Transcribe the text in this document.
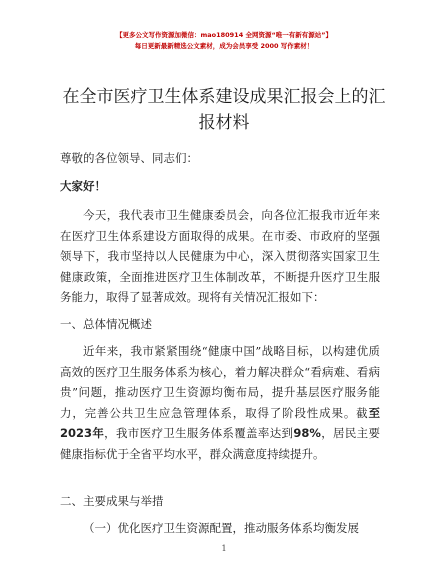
【更多公文写作资源加微信：mao180914 全网资源“唯一有新有源站”】
每日更新最新精选公文素材，成为会员享受 2000 写作素材！
在全市医疗卫生体系建设成果汇报会上的汇报材料
尊敬的各位领导、同志们：
大家好！
今天，我代表市卫生健康委员会，向各位汇报我市近年来在医疗卫生体系建设方面取得的成果。在市委、市政府的坚强领导下，我市坚持以人民健康为中心，深入贯彻落实国家卫生健康政策，全面推进医疗卫生体制改革，不断提升医疗卫生服务能力，取得了显著成效。现将有关情况汇报如下：
一、总体情况概述
近年来，我市紧紧围绕“健康中国”战略目标，以构建优质高效的医疗卫生服务体系为核心，着力解决群众“看病难、看病贵”问题，推动医疗卫生资源均衡布局，提升基层医疗服务能力，完善公共卫生应急管理体系，取得了阶段性成果。截至2023年，我市医疗卫生服务体系覆盖率达到98%，居民主要健康指标优于全省平均水平，群众满意度持续提升。
二、主要成果与举措
（一）优化医疗卫生资源配置，推动服务体系均衡发展
1
